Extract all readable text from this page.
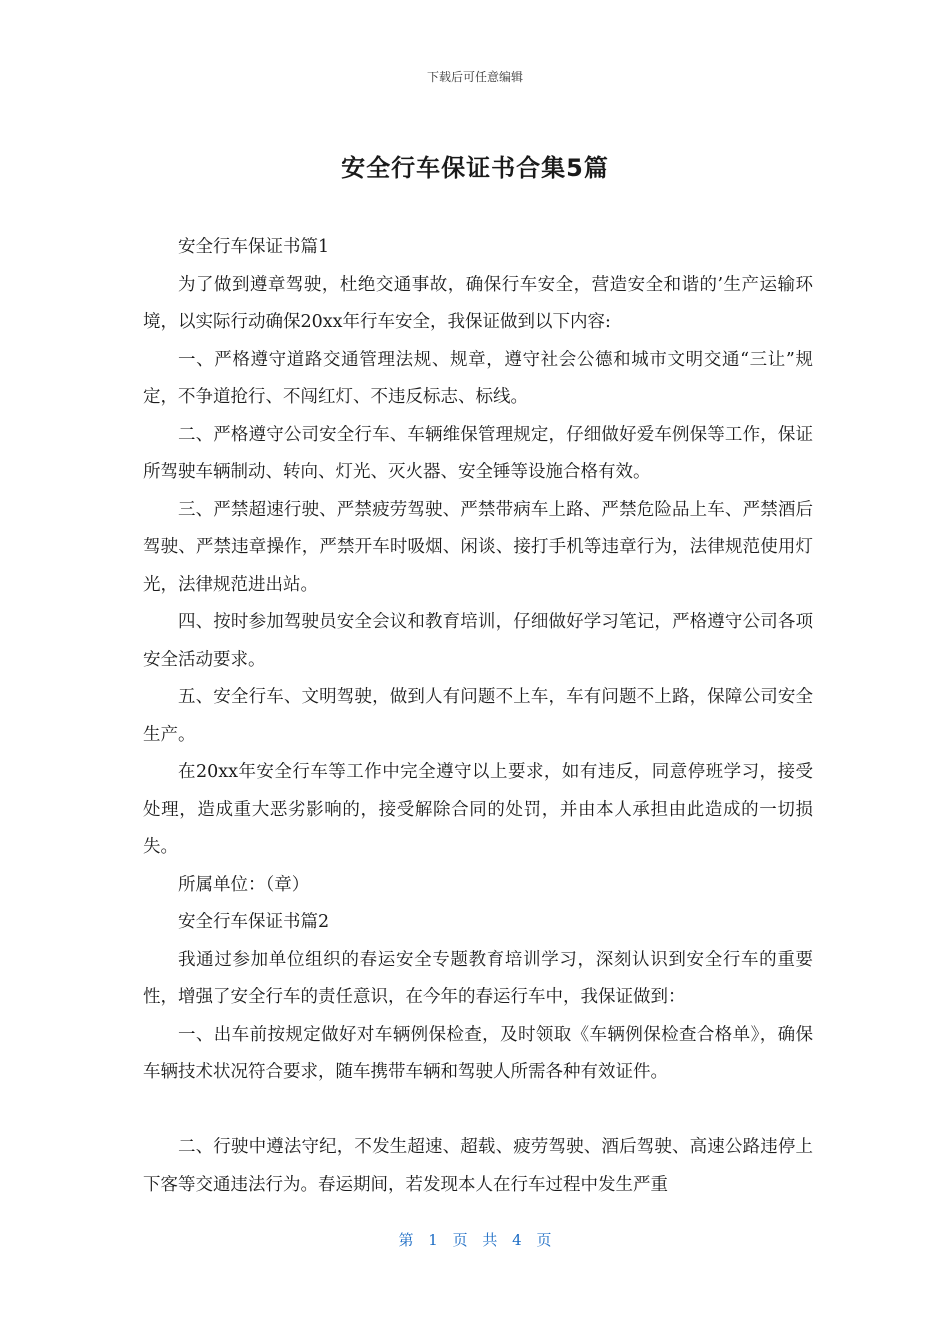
下载后可任意编辑
安全行车保证书合集5篇

安全行车保证书篇1

为了做到遵章驾驶，杜绝交通事故，确保行车安全，营造安全和谐的’生产运输环境，以实际行动确保20xx年行车安全，我保证做到以下内容:

一、严格遵守道路交通管理法规、规章，遵守社会公德和城市文明交通“三让”规定，不争道抢行、不闯红灯、不违反标志、标线。

二、严格遵守公司安全行车、车辆维保管理规定，仔细做好爱车例保等工作，保证所驾驶车辆制动、转向、灯光、灭火器、安全锤等设施合格有效。

三、严禁超速行驶、严禁疲劳驾驶、严禁带病车上路、严禁危险品上车、严禁酒后驾驶、严禁违章操作，严禁开车时吸烟、闲谈、接打手机等违章行为，法律规范使用灯光，法律规范进出站。

四、按时参加驾驶员安全会议和教育培训，仔细做好学习笔记，严格遵守公司各项安全活动要求。

五、安全行车、文明驾驶，做到人有问题不上车，车有问题不上路，保障公司安全生产。

在20xx年安全行车等工作中完全遵守以上要求，如有违反，同意停班学习，接受处理，造成重大恶劣影响的，接受解除合同的处罚，并由本人承担由此造成的一切损失。

所属单位：（章）

安全行车保证书篇2

我通过参加单位组织的春运安全专题教育培训学习，深刻认识到安全行车的重要性，增强了安全行车的责任意识，在今年的春运行车中，我保证做到：

一、出车前按规定做好对车辆例保检查，及时领取《车辆例保检查合格单》，确保车辆技术状况符合要求，随车携带车辆和驾驶人所需各种有效证件。

二、行驶中遵法守纪，不发生超速、超载、疲劳驾驶、酒后驾驶、高速公路违停上下客等交通违法行为。春运期间，若发现本人在行车过程中发生严重

第 1 页 共 4 页
